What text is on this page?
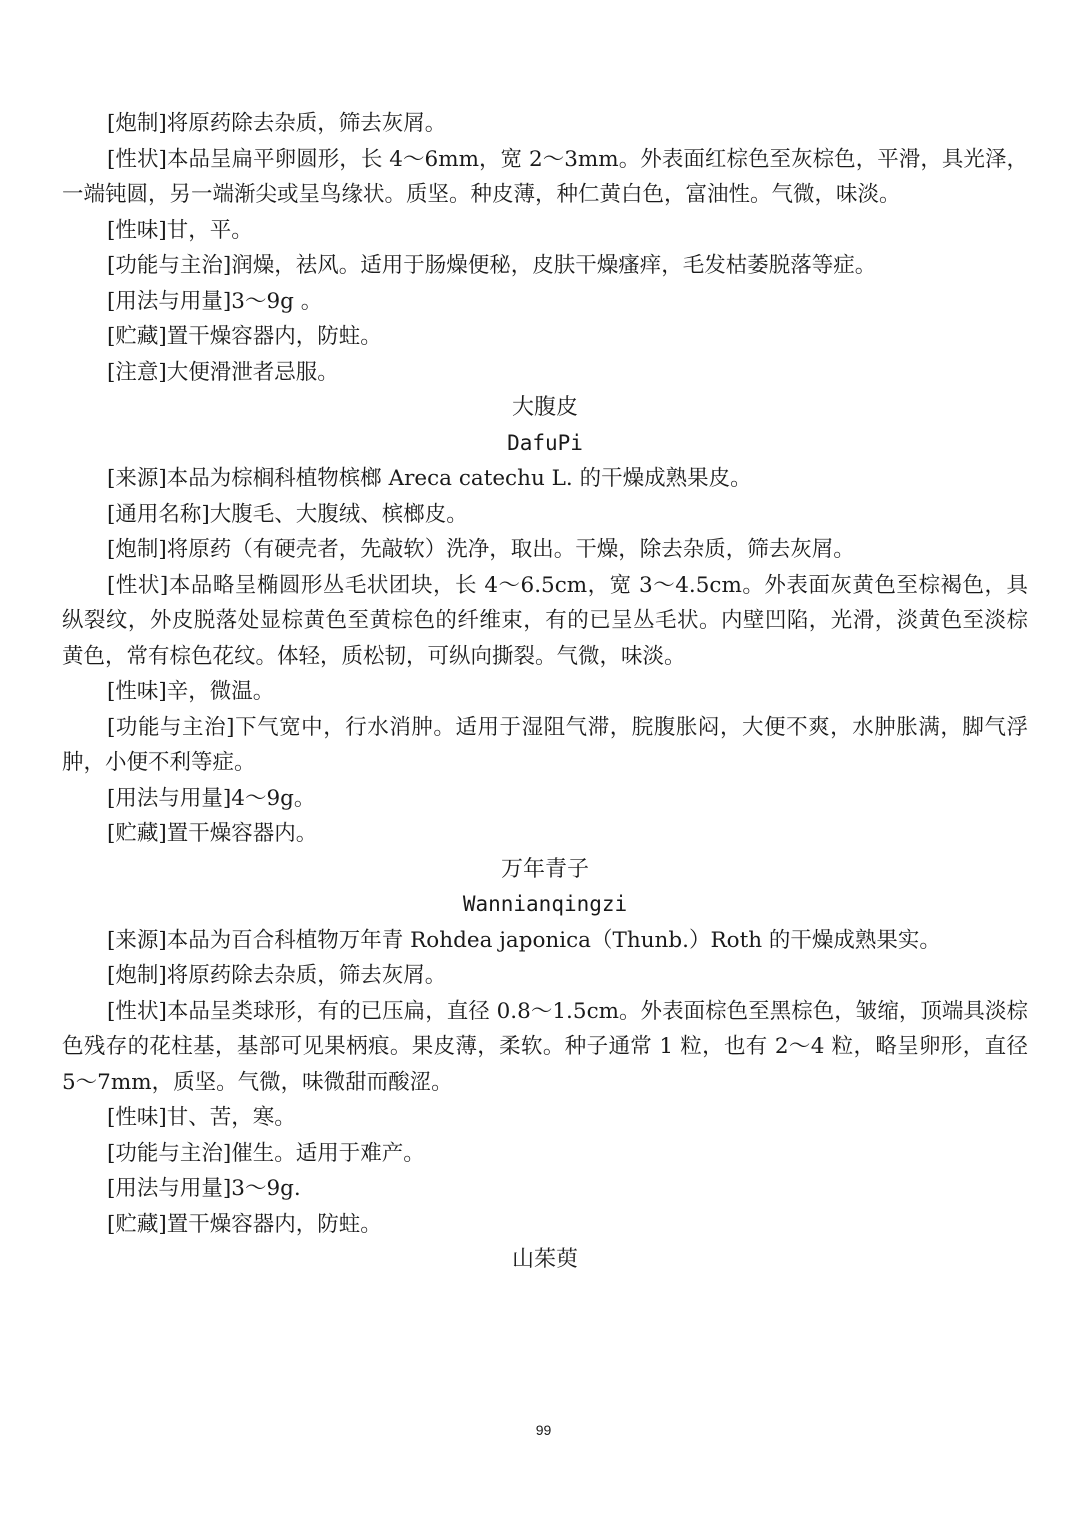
[炮制]将原药除去杂质，筛去灰屑。

[性状]本品呈扁平卵圆形，长 4～6mm，宽 2～3mm。外表面红棕色至灰棕色，平滑，具光泽，一端钝圆，另一端渐尖或呈鸟缘状。质坚。种皮薄，种仁黄白色，富油性。气微，味淡。

[性味]甘，平。

[功能与主治]润燥，祛风。适用于肠燥便秘，皮肤干燥瘙痒，毛发枯萎脱落等症。

[用法与用量]3～9g 。

[贮藏]置干燥容器内，防蛀。

[注意]大便滑泄者忌服。

大腹皮

DafuPi

[来源]本品为棕榈科植物槟榔 Areca catechu L. 的干燥成熟果皮。

[通用名称]大腹毛、大腹绒、槟榔皮。

[炮制]将原药（有硬壳者，先敲软）洗净，取出。干燥，除去杂质，筛去灰屑。

[性状]本品略呈椭圆形丛毛状团块，长 4～6.5cm，宽 3～4.5cm。外表面灰黄色至棕褐色，具纵裂纹，外皮脱落处显棕黄色至黄棕色的纤维束，有的已呈丛毛状。内壁凹陷，光滑，淡黄色至淡棕黄色，常有棕色花纹。体轻，质松韧，可纵向撕裂。气微，味淡。

[性味]辛，微温。

[功能与主治]下气宽中，行水消肿。适用于湿阻气滞，脘腹胀闷，大便不爽，水肿胀满，脚气浮肿，小便不利等症。

[用法与用量]4～9g。

[贮藏]置干燥容器内。

万年青子

Wannianqingzi

[来源]本品为百合科植物万年青 Rohdea japonica（Thunb.）Roth 的干燥成熟果实。

[炮制]将原药除去杂质，筛去灰屑。

[性状]本品呈类球形，有的已压扁，直径 0.8～1.5cm。外表面棕色至黑棕色，皱缩，顶端具淡棕色残存的花柱基，基部可见果柄痕。果皮薄，柔软。种子通常 1 粒，也有 2～4 粒，略呈卵形，直径 5～7mm，质坚。气微，味微甜而酸涩。

[性味]甘、苦，寒。

[功能与主治]催生。适用于难产。

[用法与用量]3～9g.

[贮藏]置干燥容器内，防蛀。

山茱萸

99
